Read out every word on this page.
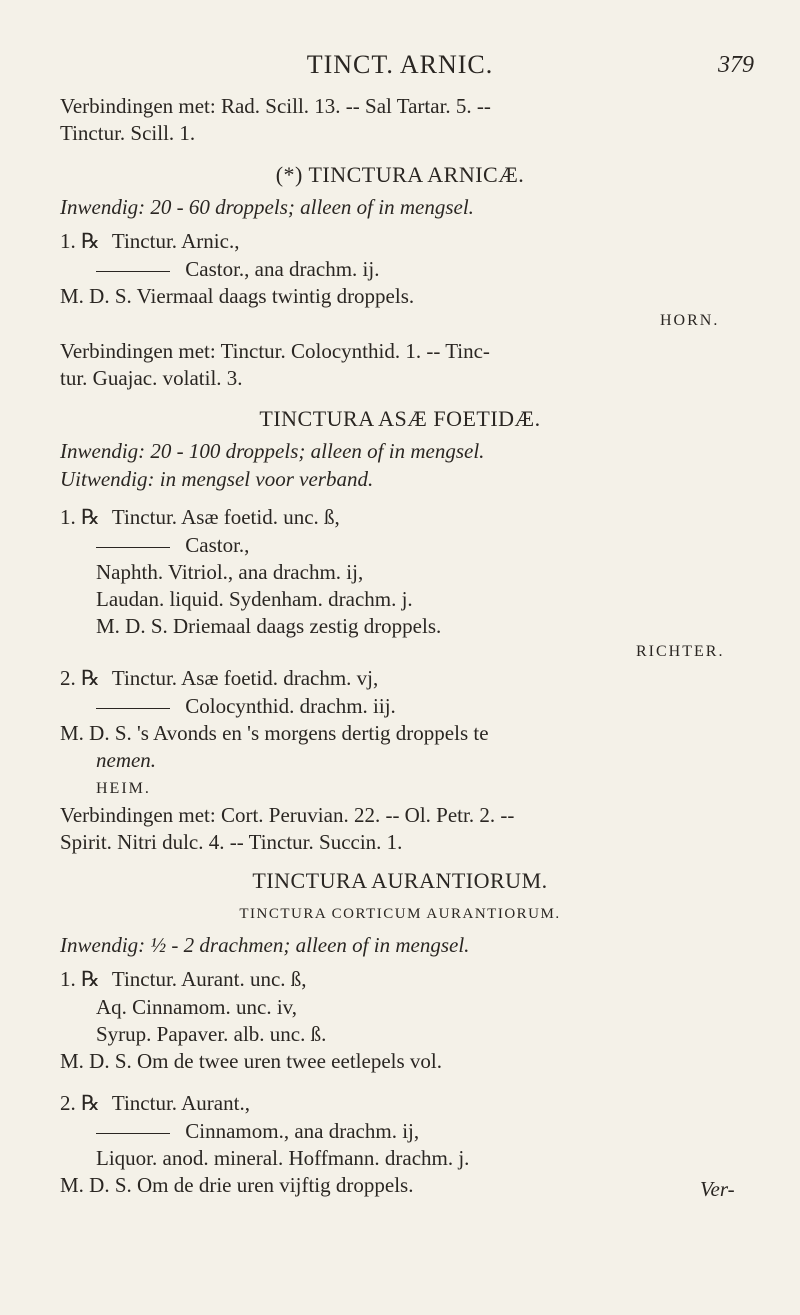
TINCT. ARNIC.	379
Verbindingen met: Rad. Scill. 13. -- Sal Tartar. 5. --
Tinctur. Scill. 1.
(*) TINCTURA ARNICÆ.
Inwendig: 20 - 60 droppels; alleen of in mengsel.
1. ℞ Tinctur. Arnic.,
Castor., ana drachm. ij.
M. D. S. Viermaal daags twintig droppels.
HORN.
Verbindingen met: Tinctur. Colocynthid. 1. -- Tinc-
tur. Guajac. volatil. 3.
TINCTURA ASÆ FOETIDÆ.
Inwendig: 20 - 100 droppels; alleen of in mengsel.
Uitwendig: in mengsel voor verband.
1. ℞ Tinctur. Asæ foetid. unc. ß,
Castor.,
Naphth. Vitriol., ana drachm. ij,
Laudan. liquid. Sydenham. drachm. j.
M. D. S. Driemaal daags zestig droppels.
RICHTER.
2. ℞ Tinctur. Asæ foetid. drachm. vj,
Colocynthid. drachm. iij.
M. D. S. 's Avonds en 's morgens dertig droppels te
nemen.
HEIM.
Verbindingen met: Cort. Peruvian. 22. -- Ol. Petr. 2. --
Spirit. Nitri dulc. 4. -- Tinctur. Succin. 1.
TINCTURA AURANTIORUM.
TINCTURA CORTICUM AURANTIORUM.
Inwendig: ½ - 2 drachmen; alleen of in mengsel.
1. ℞ Tinctur. Aurant. unc. ß,
Aq. Cinnamom. unc. iv,
Syrup. Papaver. alb. unc. ß.
M. D. S. Om de twee uren twee eetlepels vol.
2. ℞ Tinctur. Aurant.,
Cinnamom., ana drachm. ij,
Liquor. anod. mineral. Hoffmann. drachm. j.
M. D. S. Om de drie uren vijftig droppels.	Ver-
